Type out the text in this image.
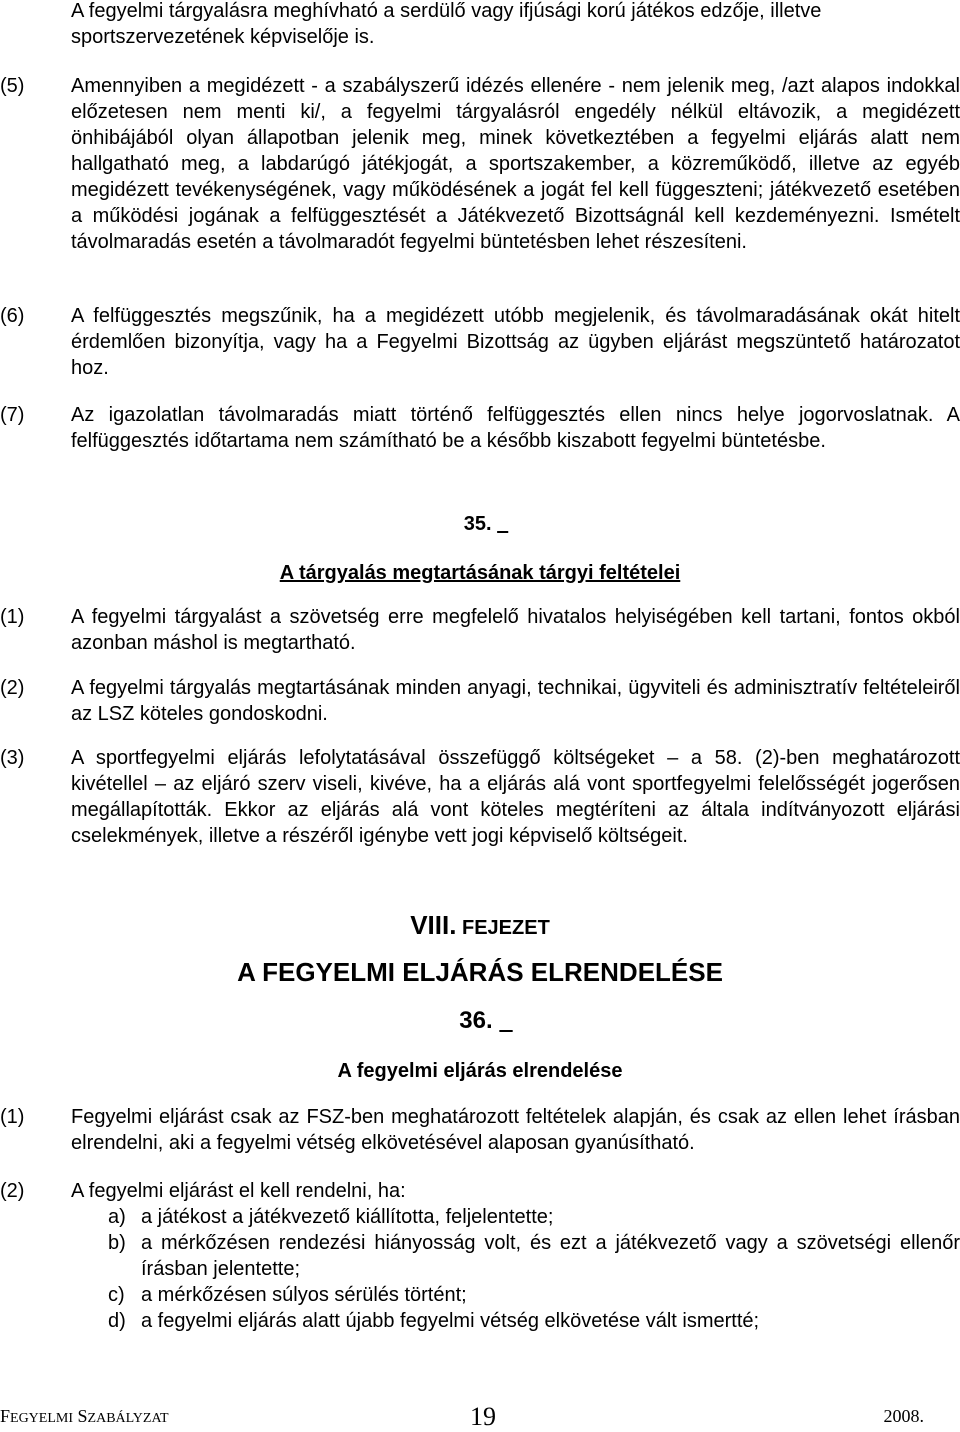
A fegyelmi tárgyalásra meghívható a serdülő vagy ifjúsági korú játékos edzője, illetve sportszervezetének képviselője is.
(5)	Amennyiben a megidézett - a szabályszerű idézés ellenére - nem jelenik meg, /azt alapos indokkal előzetesen nem menti ki/, a fegyelmi tárgyalásról engedély nélkül eltávozik, a megidézett önhibájából olyan állapotban jelenik meg, minek következtében a fegyelmi eljárás alatt nem hallgatható meg, a labdarúgó játékjogát, a sportszakember, a közreműködő, illetve az egyéb megidézett tevékenységének, vagy működésének a jogát fel kell függeszteni; játékvezető esetében a működési jogának a felfüggesztését a Játékvezető Bizottságnál kell kezdeményezni. Ismételt távolmaradás esetén a távolmaradót fegyelmi büntetésben lehet részesíteni.
(6)	A felfüggesztés megszűnik, ha a megidézett utóbb megjelenik, és távolmaradásának okát hitelt érdemlően bizonyítja, vagy ha a Fegyelmi Bizottság az ügyben eljárást megszüntető határozatot hoz.
(7)	Az igazolatlan távolmaradás miatt történő felfüggesztés ellen nincs helye jogorvoslatnak. A felfüggesztés időtartama nem számítható be a később kiszabott fegyelmi büntetésbe.
35.
A tárgyalás megtartásának tárgyi feltételei
(1)	A fegyelmi tárgyalást a szövetség erre megfelelő hivatalos helyiségében kell tartani, fontos okból azonban máshol is megtartható.
(2)	A fegyelmi tárgyalás megtartásának minden anyagi, technikai, ügyviteli és adminisztratív feltételeiről az LSZ köteles gondoskodni.
(3)	A sportfegyelmi eljárás lefolytatásával összefüggő költségeket – a 58. (2)-ben meghatározott kivétellel – az eljáró szerv viseli, kivéve, ha a eljárás alá vont sportfegyelmi felelősségét jogerősen megállapították. Ekkor az eljárás alá vont köteles megtéríteni az általa indítványozott eljárási cselekmények, illetve a részéről igénybe vett jogi képviselő költségeit.
VIII. FEJEZET
A FEGYELMI ELJÁRÁS ELRENDELÉSE
36.
A fegyelmi eljárás elrendelése
(1)	Fegyelmi eljárást csak az FSZ-ben meghatározott feltételek alapján, és csak az ellen lehet írásban elrendelni, aki a fegyelmi vétség elkövetésével alaposan gyanúsítható.
(2)	A fegyelmi eljárást el kell rendelni, ha:
a) a játékost a játékvezető kiállította, feljelentette;
b) a mérkőzésen rendezési hiányosság volt, és ezt a játékvezető vagy a szövetségi ellenőr írásban jelentette;
c) a mérkőzésen súlyos sérülés történt;
d) a fegyelmi eljárás alatt újabb fegyelmi vétség elkövetése vált ismertté;
FEGYELMI SZABÁLYZAT	19	2008.
